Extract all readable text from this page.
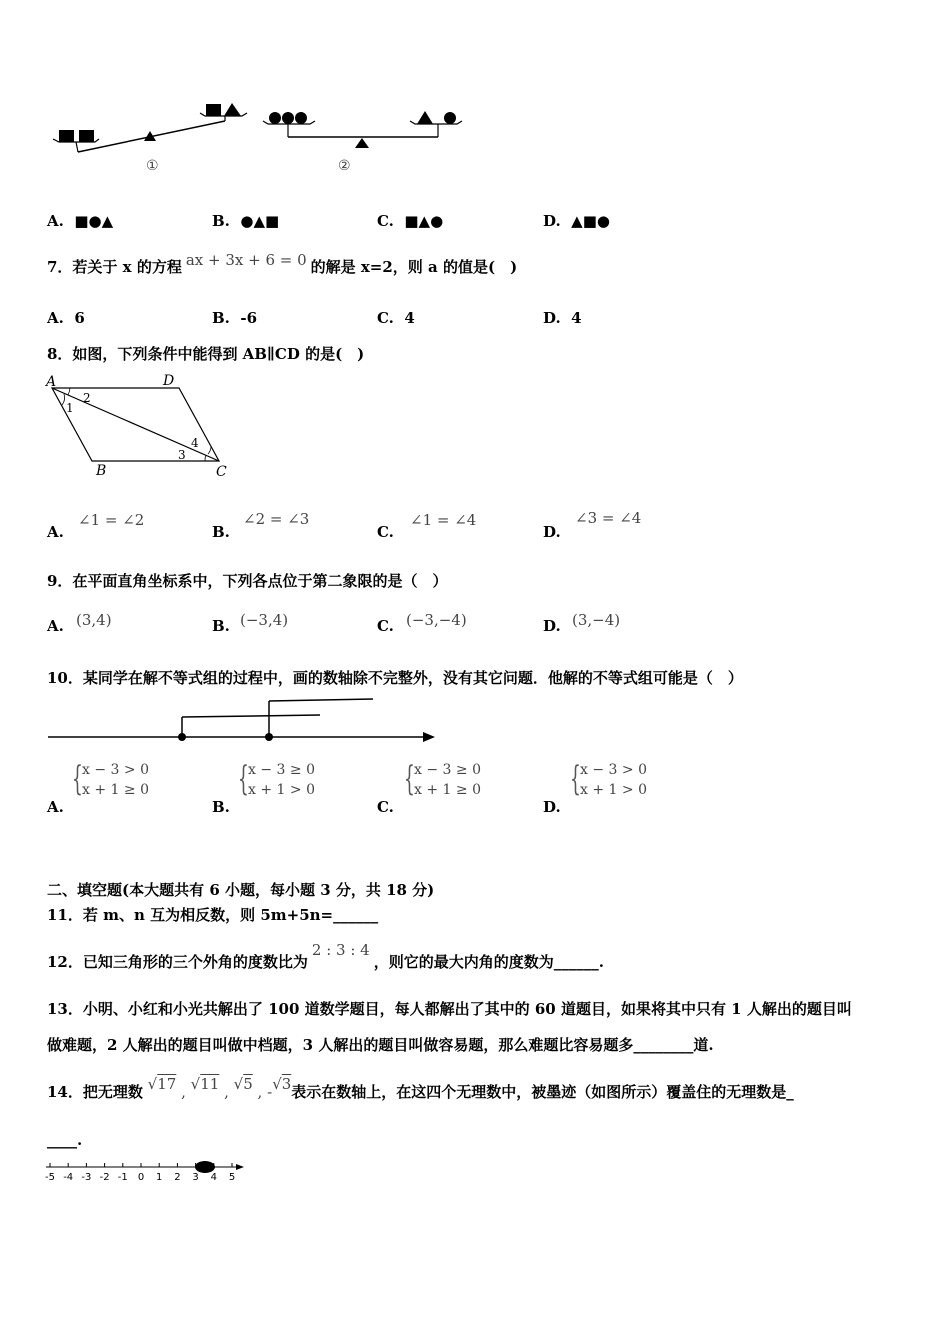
①	②
A. ■●▲	B. ●▲■	C. ■▲●	D. ▲■●
7．若关于 x 的方程 ax + 3x + 6 = 0 的解是 x=2，则 a 的值是(　)
A. 6	B. -6	C. 4	D. 4
8．如图，下列条件中能得到 AB∥CD 的是(　)
A	D
B	C
1
2
3
4
A.
∠1 = ∠2
B.
∠2 = ∠3
C.
∠1 = ∠4
D.
∠3 = ∠4
9．在平面直角坐标系中，下列各点位于第二象限的是（　）
A. (3,4)	B. (−3,4)	C. (−3,−4)	D. (3,−4)
10．某同学在解不等式组的过程中，画的数轴除不完整外，没有其它问题．他解的不等式组可能是（　）
A.
{ x − 3 > 0
x + 1 ≥ 0
B.
{ x − 3 ≥ 0
x + 1 > 0
C.
{ x − 3 ≥ 0
x + 1 ≥ 0
D.
{ x − 3 > 0
x + 1 > 0
二、填空题(本大题共有 6 小题，每小题 3 分，共 18 分)
11．若 m、n 互为相反数，则 5m+5n=______
12．已知三角形的三个外角的度数比为2 : 3 : 4，则它的最大内角的度数为______.
13．小明、小红和小光共解出了 100 道数学题目，每人都解出了其中的 60 道题目，如果将其中只有 1 人解出的题目叫
做难题，2 人解出的题目叫做中档题，3 人解出的题目叫做容易题，那么难题比容易题多________道.
14．把无理数 √17 , √11 , √5 , -√3表示在数轴上，在这四个无理数中，被墨迹（如图所示）覆盖住的无理数是_
____.
-5 -4 -3 -2 -1 0 1 2 3 4 5
